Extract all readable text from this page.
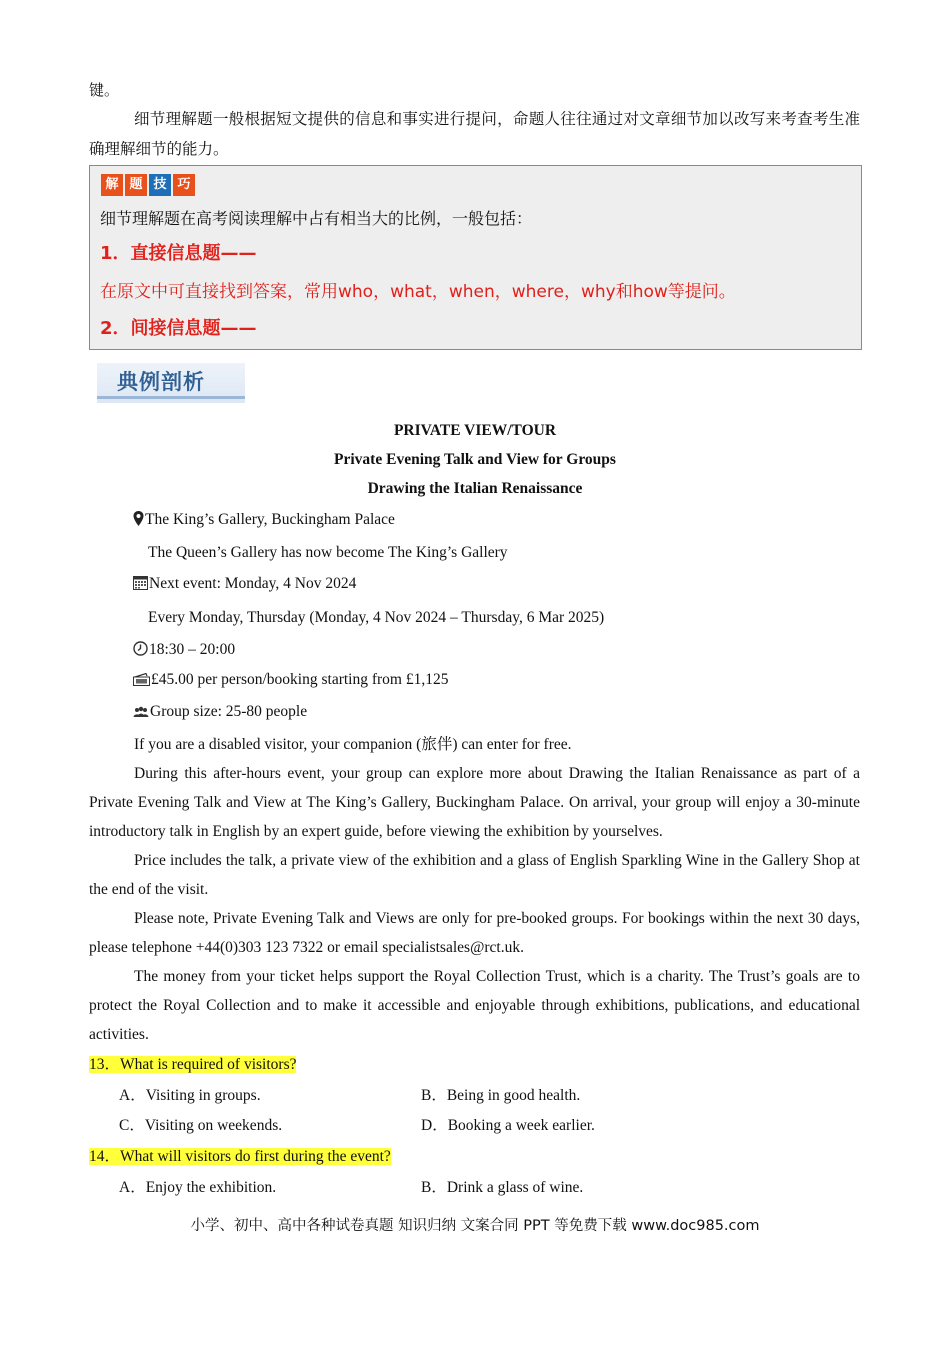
键。
细节理解题一般根据短文提供的信息和事实进行提问，命题人往往通过对文章细节加以改写来考查考生准确理解细节的能力。
解 题 技 巧
细节理解题在高考阅读理解中占有相当大的比例，一般包括：
1．直接信息题——
在原文中可直接找到答案，常用who，what，when，where，why和how等提问。
2．间接信息题——
典例剖析
PRIVATE VIEW/TOUR
Private Evening Talk and View for Groups
Drawing the Italian Renaissance
The King’s Gallery, Buckingham Palace
The Queen’s Gallery has now become The King’s Gallery
Next event: Monday, 4 Nov 2024
Every Monday, Thursday (Monday, 4 Nov 2024 – Thursday, 6 Mar 2025)
18:30 – 20:00
£45.00 per person/booking starting from £1,125
Group size: 25-80 people
If you are a disabled visitor, your companion (旅伴) can enter for free.
During this after-hours event, your group can explore more about Drawing the Italian Renaissance as part of a Private Evening Talk and View at The King’s Gallery, Buckingham Palace. On arrival, your group will enjoy a 30-minute introductory talk in English by an expert guide, before viewing the exhibition by yourselves.
Price includes the talk, a private view of the exhibition and a glass of English Sparkling Wine in the Gallery Shop at the end of the visit.
Please note, Private Evening Talk and Views are only for pre-booked groups. For bookings within the next 30 days, please telephone +44(0)303 123 7322 or email specialistsales@rct.uk.
The money from your ticket helps support the Royal Collection Trust, which is a charity. The Trust’s goals are to protect the Royal Collection and to make it accessible and enjoyable through exhibitions, publications, and educational activities.
13．What is required of visitors?
A．Visiting in groups.	B．Being in good health.
C．Visiting on weekends.	D．Booking a week earlier.
14．What will visitors do first during the event?
A．Enjoy the exhibition.	B．Drink a glass of wine.
小学、初中、高中各种试卷真题 知识归纳 文案合同 PPT 等免费下载 www.doc985.com
